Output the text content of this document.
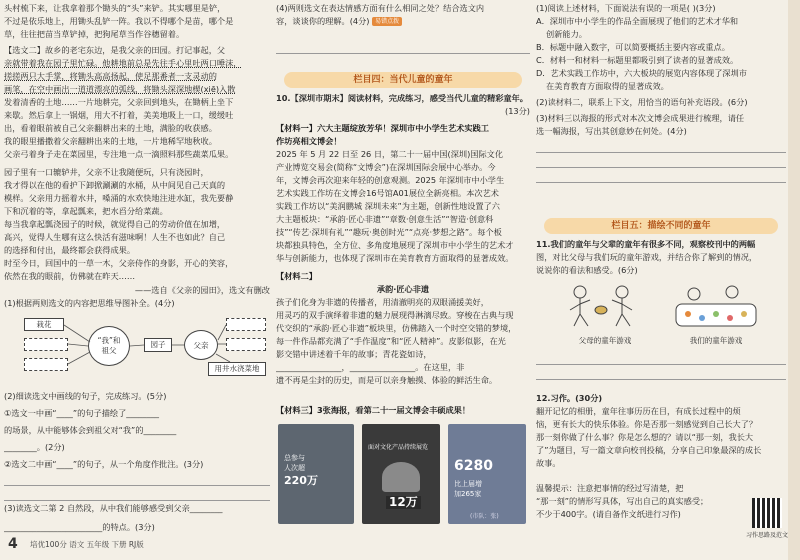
头村梳下来，让我拿着那个锄头的“头”来铲。其实哪里是铲，
不过是依乐地上，用锄头乱铲一阵。我以不得哪个是苗，哪个是
草，往往把苗当草铲掉，把狗尾草当作谷穗留着。
【选文二】故乡的老宅东边，是我父亲的田园。打记事起，父
亲就带着我在园子里忙碌。他耕地前总是先往手心里吐两口唾沫，
搓搓两只大手掌，将锄头高高扬起，使足那番者一支灵动的
画笔，在空中画出一道道漂亮的弧线，将锄头深深地楔(xiē)入散
发着清香的土地……一片地耕完，父亲回到地头，在锄柄上坐下
来歇。然后拿上一锅烟，用大不打着，美美地吸上一口，缓缓吐
出，看着眼前被自己父亲翻耕出来的土地，满脸的收获感。
我的眼里播撒着父亲翻耕出来的土地，一片地稀罕地秋收。
父亲弓着身子走在菜园里，专注地一点一滴照料那些蔬菜瓜果。
园子里有一口辘轳井，父亲不让我随便玩，只有浇园时，
我才得以在他的看护下卸掀涮涮的水桶，从中间见自己天真的
模样。父亲用力摇着水井，嗓涌的水欢快地注进水缸，我先要静
下和沉着的等，拿起瓢来，把水舀分给菜蔬。
每当我拿起瓢浇园子的时候，就觉得自己的劳动价值在加增，
高兴，觉得人生哪有这么快活有滋味啊！人生不也如此？自己
的选择和付出，最终都会获得成果。
时至今日，回国中的一草一木，父亲侍作的身影，开心的笑容，
依然在我的眼前，仿佛就在昨天……
——选自《父亲的园田》，选文有删改
(1)根据两则选文的内容把思维导图补全。(4分)
栽花
“我”和
祖父
园子	父亲
用井水浇菜地
(2)细读选文中画线的句子，完成练习。(5分)
①选文一中画“____”的句子描绘了________
的场景，从中能够体会到祖父对“我”的________
________。(2分)
②选文二中画“____”的句子，从一个角度作批注。(3分)
(3)读选文二第 2 自然段，从中我们能够感受到父亲________
________________________的特点。(3分)
4 培优100分 语文 五年级 下册 RJ版
(4)两则选文在表达情感方面有什么相同之处？结合选文内
容，谈谈你的理解。(4分) 易错点拨
栏目四：当代儿童的童年
10.【深圳市期末】阅读材料，完成练习，感受当代儿童的精彩童年。
(13分)
【材料一】六大主题绽放芳华！深圳市中小学生艺术实践工
作坊亮相文博会！
2025 年 5 月 22 日至 26 日，第二十一届中国(深圳)国际文化
产业博览交易会(简称“文博会”)在深圳国际会展中心举办。今
年，文博会再次迎来年轻的创意观测。2025 年深圳市中小学生
艺术实践工作坊在文博会16号馆A01展位全新亮相。本次艺术
实践工作坊以“美润鹏城 深圳未来”为主题，创新性地设置了六
大主题板块：“承韵·匠心非遗”“章数·创意生活”“智造·创意科
技”“传艺·深圳有礼”“趣玩·奥创时光”“点亮·梦想之路”。每个板
块都独具特色，全方位、多角度地展现了深圳市中小学生的艺术才
华与创新能力，也体现了深圳市在美育教育方面取得的显著成效。
【材料二】
承韵·匠心非遗
孩子们化身为非遗的传播者，用清澈明亮的双眼涌援美好，
用灵巧的双手演绎着非遗的魅力展现得淋漓尽致。穿梭在古典与现
代交织的“承韵·匠心非遗”板块里，仿佛踏入一个时空交错的梦境，
每一件作品都充满了“手作温度”和“匠人精神”。皮影似影，在光
影交错中讲述着千年的故事；青花瓷如诗，
________________，________________。在这里，非
遗不再是尘封的历史，而是可以亲身触摸、体验的鲜活生命。
【材料三】3张海报，看第二十一届文博会丰硕成果！
总参与
人次超
220万
面对文化产品持续展览
12万
6280
比上届增
加265家
(市队：张)
(1)阅读上述材料，下面说法有误的一项是( )(3分)
A．深圳市中小学生的作品全面展现了他们的艺术才华和
创新能力。
B．标题中融入数字，可以简要概括主要内容或重点。
C．材料一和材料一标题里都吸引到了读者的显著成效。
D．艺术实践工作坊中，六大板块的展览内容体现了深圳市
在美育教育方面取得的显著成效。
(2)读材料二，联系上下文，用恰当的语句补充语段。(6分)
(3)材料三以海报的形式对本次文博会成果进行梳理，请任
选一幅海报，写出其创意妙在何处。(4分)
栏目五：描绘不同的童年
11.我们的童年与父辈的童年有很多不同，观察校刊中的两幅
图，对比父母与我们玩的童年游戏，并结合你了解到的情况，
说说你的看法和感受。(6分)
父母的童年游戏	我们的童年游戏
12.习作。(30分)
翻开记忆的相册，童年往事历历在目，有成长过程中的烦
恼，更有长大的快乐体验。你是否那一刻感觉到自己长大了？
那一刻你做了什么事？你是怎么想的？请以“那一刻，我长大
了”为题目，写一篇文章向校刊投稿，分享自己印象最深的成长
故事。
温馨提示：注意把事情的经过写清楚，把
“那一刻”的情形写具体，写出自己的真实感受；
不少于400字。(请自备作文纸进行习作)
习作思路及范文
